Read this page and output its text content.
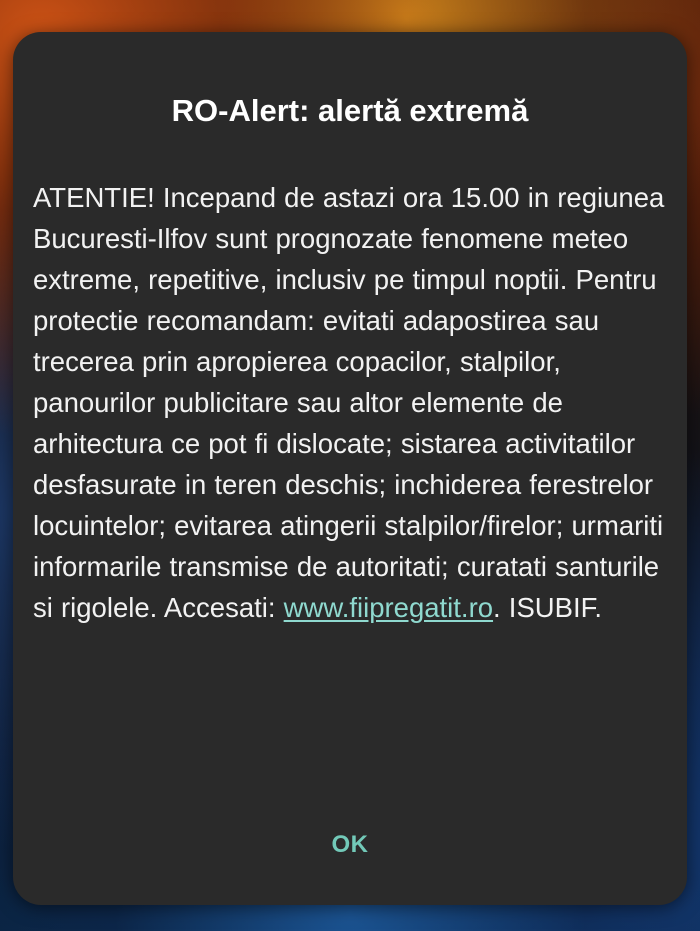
RO-Alert: alertă extremă
ATENTIE! Incepand de astazi ora 15.00 in regiunea Bucuresti-Ilfov sunt prognozate fenomene meteo extreme, repetitive, inclusiv pe timpul noptii. Pentru protectie recomandam: evitati adapostirea sau trecerea prin apropierea copacilor, stalpilor, panourilor publicitare sau altor elemente de arhitectura ce pot fi dislocate; sistarea activitatilor desfasurate in teren deschis; inchiderea ferestrelor locuintelor; evitarea atingerii stalpilor/firelor; urmariti informarile transmise de autoritati; curatati santurile si rigolele. Accesati: www.fiipregatit.ro. ISUBIF.
OK
